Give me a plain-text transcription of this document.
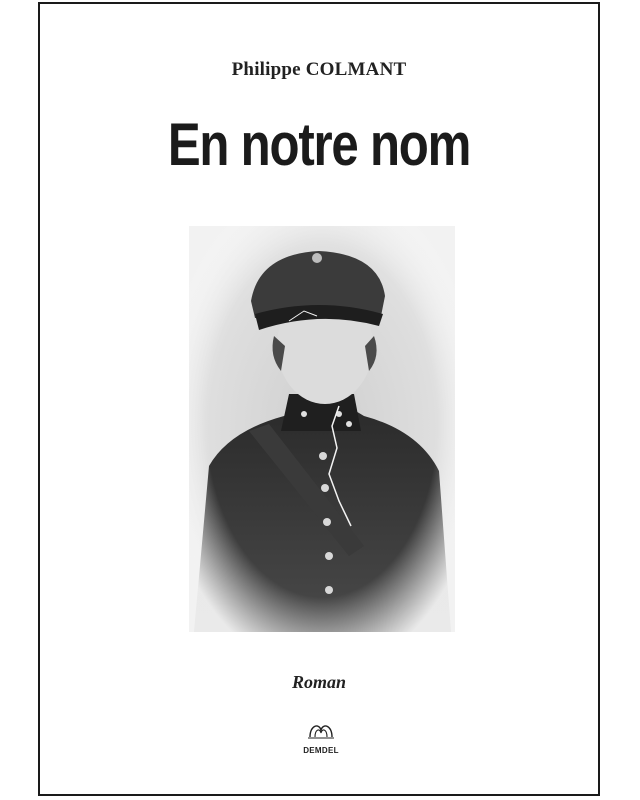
Philippe COLMANT
En notre nom
Roman
DEMDEL
